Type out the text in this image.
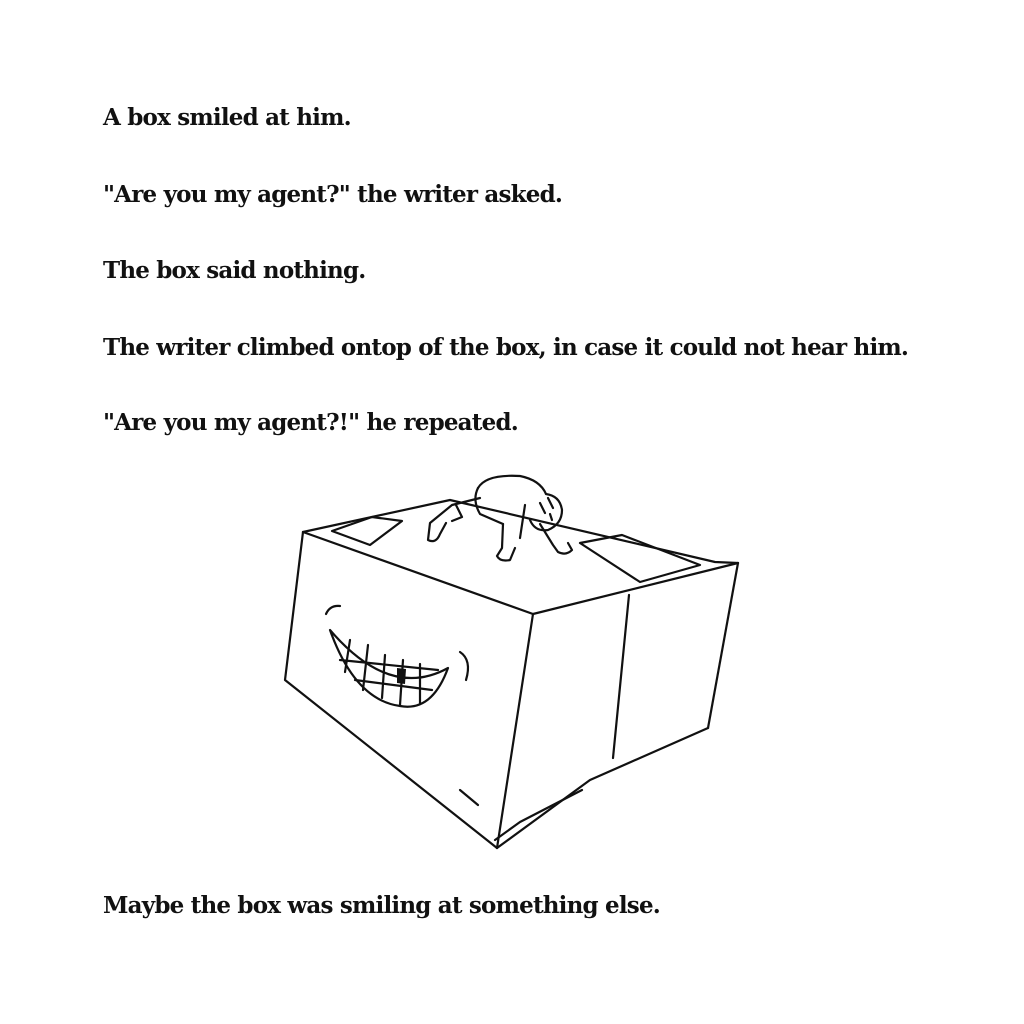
A box smiled at him.

"Are you my agent?" the writer asked.

The box said nothing.

The writer climbed ontop of the box, in case it could not hear him.

"Are you my agent?!" he repeated.

Maybe the box was smiling at something else.
